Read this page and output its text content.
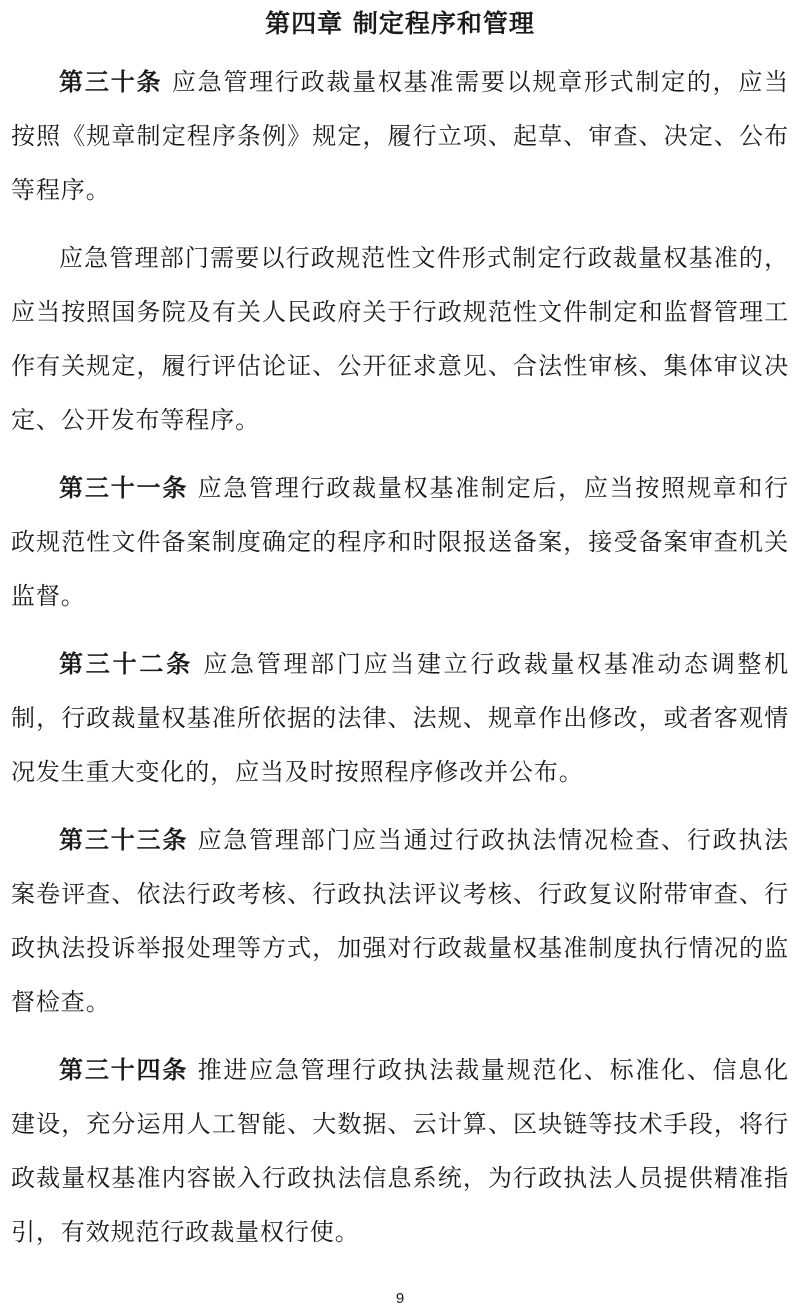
第四章 制定程序和管理

第三十条 应急管理行政裁量权基准需要以规章形式制定的，应当按照《规章制定程序条例》规定，履行立项、起草、审查、决定、公布等程序。

应急管理部门需要以行政规范性文件形式制定行政裁量权基准的，应当按照国务院及有关人民政府关于行政规范性文件制定和监督管理工作有关规定，履行评估论证、公开征求意见、合法性审核、集体审议决定、公开发布等程序。

第三十一条 应急管理行政裁量权基准制定后，应当按照规章和行政规范性文件备案制度确定的程序和时限报送备案，接受备案审查机关监督。

第三十二条 应急管理部门应当建立行政裁量权基准动态调整机制，行政裁量权基准所依据的法律、法规、规章作出修改，或者客观情况发生重大变化的，应当及时按照程序修改并公布。

第三十三条 应急管理部门应当通过行政执法情况检查、行政执法案卷评查、依法行政考核、行政执法评议考核、行政复议附带审查、行政执法投诉举报处理等方式，加强对行政裁量权基准制度执行情况的监督检查。

第三十四条 推进应急管理行政执法裁量规范化、标准化、信息化建设，充分运用人工智能、大数据、云计算、区块链等技术手段，将行政裁量权基准内容嵌入行政执法信息系统，为行政执法人员提供精准指引，有效规范行政裁量权行使。

9
